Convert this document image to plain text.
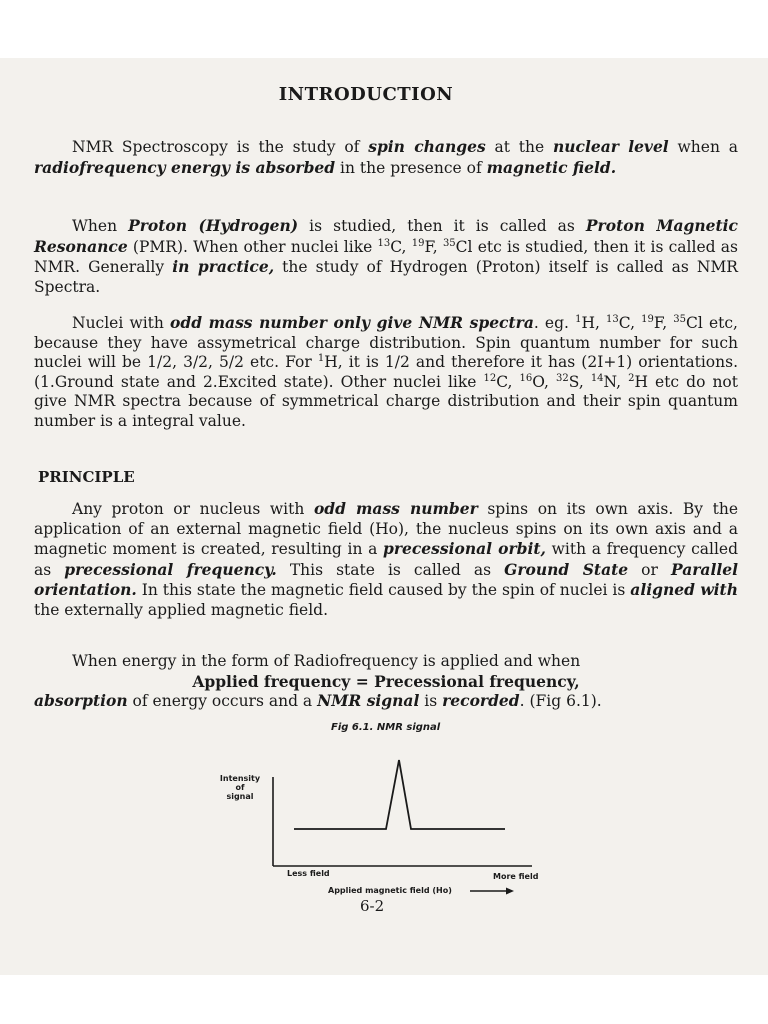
INTRODUCTION

NMR Spectroscopy is the study of spin changes at the nuclear level when a radiofrequency energy is absorbed in the presence of magnetic field.

When Proton (Hydrogen) is studied, then it is called as Proton Magnetic Resonance (PMR). When other nuclei like $^{13}$C, $^{19}$F, $^{35}$Cl etc is studied, then it is called as NMR. Generally in practice, the study of Hydrogen (Proton) itself is called as NMR Spectra.

Nuclei with odd mass number only give NMR spectra. eg. $^1$H, $^{13}$C, $^{19}$F, $^{35}$Cl etc, because they have assymetrical charge distribution. Spin quantum number for such nuclei will be 1/2, 3/2, 5/2 etc. For $^1$H, it is 1/2 and therefore it has (2I+1) orientations. (1.Ground state and 2.Excited state). Other nuclei like $^{12}$C, $^{16}$O, $^{32}$S, $^{14}$N, $^2$H etc do not give NMR spectra because of symmetrical charge distribution and their spin quantum number is a integral value.

PRINCIPLE

Any proton or nucleus with odd mass number spins on its own axis. By the application of an external magnetic field (Ho), the nucleus spins on its own axis and a magnetic moment is created, resulting in a precessional orbit, with a frequency called as precessional frequency. This state is called as Ground State or Parallel orientation. In this state the magnetic field caused by the spin of nuclei is aligned with the externally applied magnetic field.

When energy in the form of Radiofrequency is applied and when

Applied frequency = Precessional frequency,

absorption of energy occurs and a NMR signal is recorded. (Fig 6.1).

Fig 6.1. NMR signal
Intensity
of
signal
Less field	More field
Applied magnetic field (Ho)
6-2
